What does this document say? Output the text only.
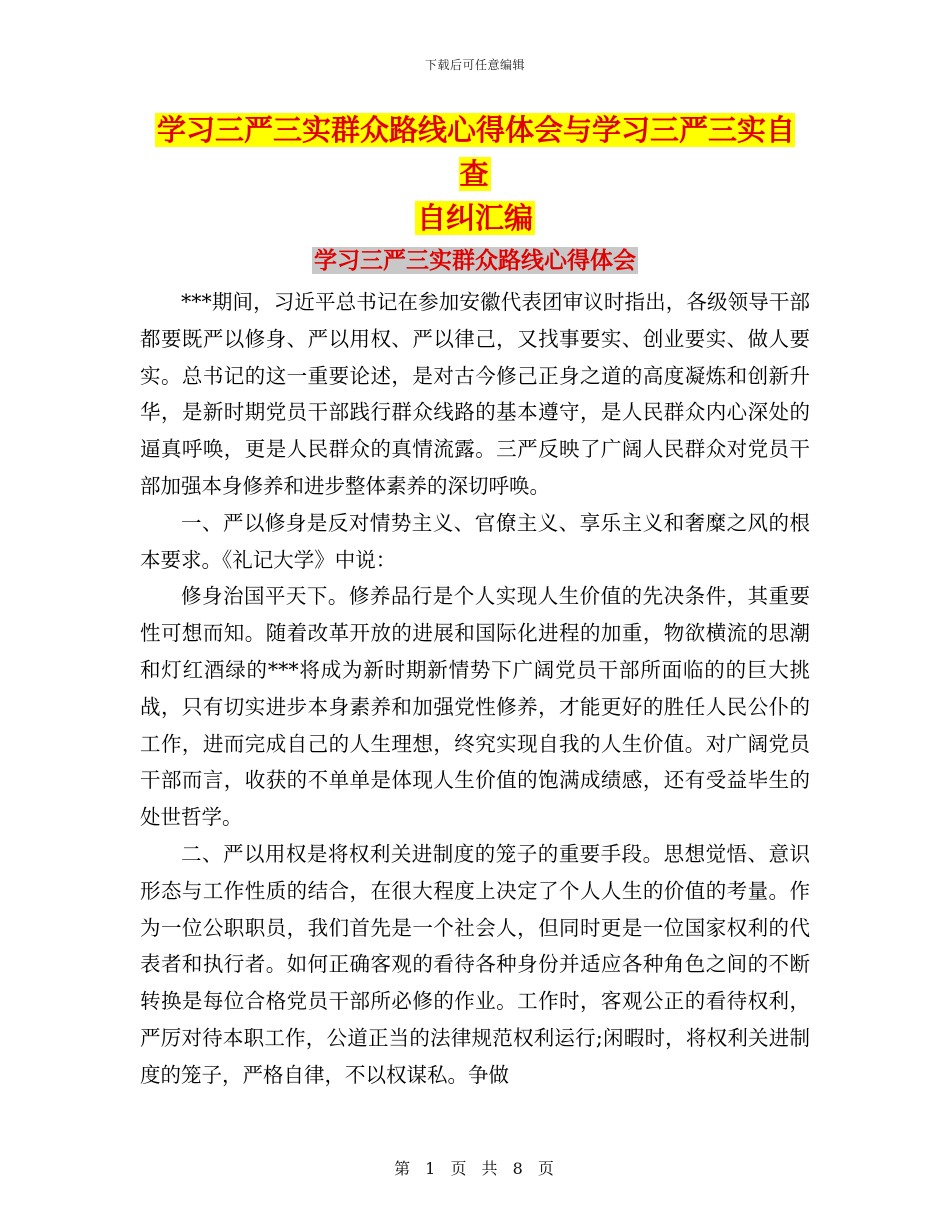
下载后可任意编辑
学习三严三实群众路线心得体会与学习三严三实自查
自纠汇编
学习三严三实群众路线心得体会

***期间，习近平总书记在参加安徽代表团审议时指出，各级领导干部都要既严以修身、严以用权、严以律己，又找事要实、创业要实、做人要实。总书记的这一重要论述，是对古今修己正身之道的高度凝炼和创新升华，是新时期党员干部践行群众线路的基本遵守，是人民群众内心深处的逼真呼唤，更是人民群众的真情流露。三严反映了广阔人民群众对党员干部加强本身修养和进步整体素养的深切呼唤。

一、严以修身是反对情势主义、官僚主义、享乐主义和奢糜之风的根本要求。《礼记大学》中说：

修身治国平天下。修养品行是个人实现人生价值的先决条件，其重要性可想而知。随着改革开放的进展和国际化进程的加重，物欲横流的思潮和灯红酒绿的***将成为新时期新情势下广阔党员干部所面临的的巨大挑战，只有切实进步本身素养和加强党性修养，才能更好的胜任人民公仆的工作，进而完成自己的人生理想，终究实现自我的人生价值。对广阔党员干部而言，收获的不单单是体现人生价值的饱满成绩感，还有受益毕生的处世哲学。

二、严以用权是将权利关进制度的笼子的重要手段。思想觉悟、意识形态与工作性质的结合，在很大程度上决定了个人人生的价值的考量。作为一位公职职员，我们首先是一个社会人，但同时更是一位国家权利的代表者和执行者。如何正确客观的看待各种身份并适应各种角色之间的不断转换是每位合格党员干部所必修的作业。工作时，客观公正的看待权利，严厉对待本职工作，公道正当的法律规范权利运行;闲暇时，将权利关进制度的笼子，严格自律，不以权谋私。争做

第 1 页 共 8 页
